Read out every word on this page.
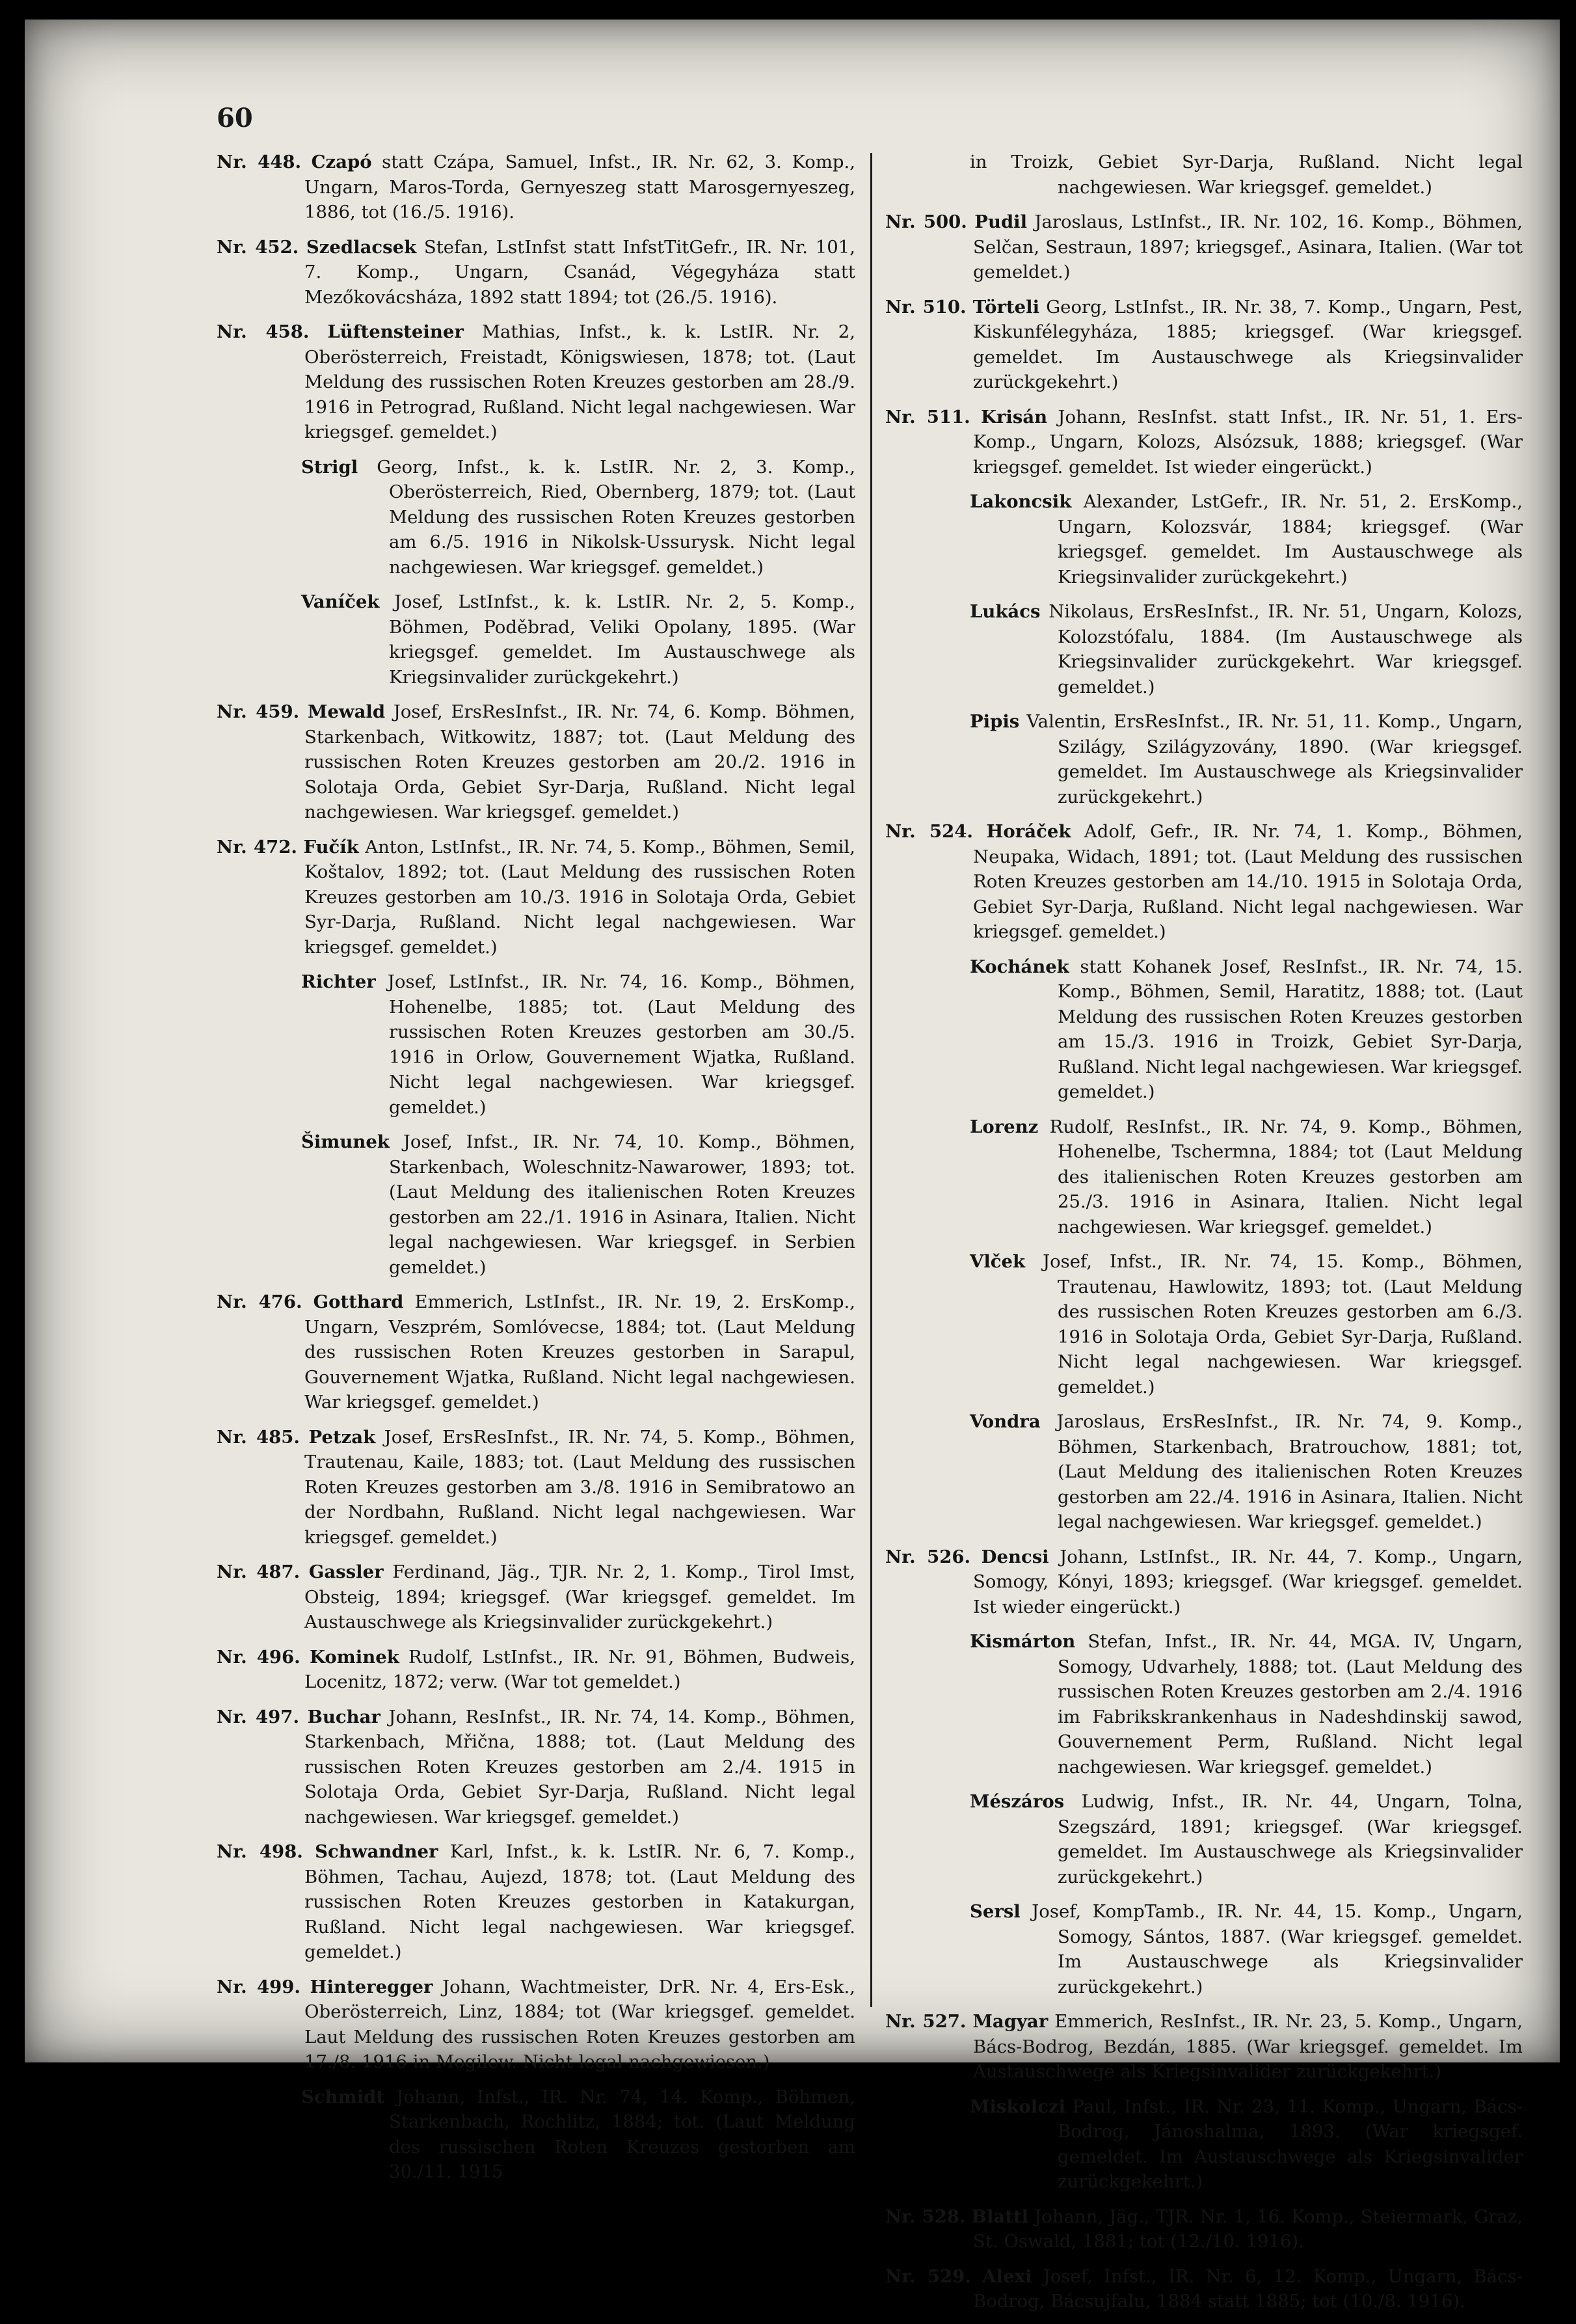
60

Nr. 448. Czapó statt Czápa, Samuel, Infst., IR. Nr. 62, 3. Komp., Ungarn, Maros-Torda, Gernyeszeg statt Marosgernyeszeg, 1886, tot (16./5. 1916).

Nr. 452. Szedlacsek Stefan, LstInfst statt InfstTitGefr., IR. Nr. 101, 7. Komp., Ungarn, Csanád, Végegyháza statt Mezőkovácsháza, 1892 statt 1894; tot (26./5. 1916).

Nr. 458. Lüftensteiner Mathias, Infst., k. k. LstIR. Nr. 2, Oberösterreich, Freistadt, Königswiesen, 1878; tot. (Laut Meldung des russischen Roten Kreuzes gestorben am 28./9. 1916 in Petrograd, Rußland. Nicht legal nachgewiesen. War kriegsgef. gemeldet.)

Strigl Georg, Infst., k. k. LstIR. Nr. 2, 3. Komp., Oberösterreich, Ried, Obernberg, 1879; tot. (Laut Meldung des russischen Roten Kreuzes gestorben am 6./5. 1916 in Nikolsk-Ussurysk. Nicht legal nachgewiesen. War kriegsgef. gemeldet.)

Vaníček Josef, LstInfst., k. k. LstIR. Nr. 2, 5. Komp., Böhmen, Poděbrad, Veliki Opolany, 1895. (War kriegsgef. gemeldet. Im Austauschwege als Kriegsinvalider zurückgekehrt.)

Nr. 459. Mewald Josef, ErsResInfst., IR. Nr. 74, 6. Komp. Böhmen, Starkenbach, Witkowitz, 1887; tot. (Laut Meldung des russischen Roten Kreuzes gestorben am 20./2. 1916 in Solotaja Orda, Gebiet Syr-Darja, Rußland. Nicht legal nachgewiesen. War kriegsgef. gemeldet.)

Nr. 472. Fučík Anton, LstInfst., IR. Nr. 74, 5. Komp., Böhmen, Semil, Koštalov, 1892; tot. (Laut Meldung des russischen Roten Kreuzes gestorben am 10./3. 1916 in Solotaja Orda, Gebiet Syr-Darja, Rußland. Nicht legal nachgewiesen. War kriegsgef. gemeldet.)

Richter Josef, LstInfst., IR. Nr. 74, 16. Komp., Böhmen, Hohenelbe, 1885; tot. (Laut Meldung des russischen Roten Kreuzes gestorben am 30./5. 1916 in Orlow, Gouvernement Wjatka, Rußland. Nicht legal nachgewiesen. War kriegsgef. gemeldet.)

Šimunek Josef, Infst., IR. Nr. 74, 10. Komp., Böhmen, Starkenbach, Woleschnitz-Nawarower, 1893; tot. (Laut Meldung des italienischen Roten Kreuzes gestorben am 22./1. 1916 in Asinara, Italien. Nicht legal nachgewiesen. War kriegsgef. in Serbien gemeldet.)

Nr. 476. Gotthard Emmerich, LstInfst., IR. Nr. 19, 2. ErsKomp., Ungarn, Veszprém, Somlóvecse, 1884; tot. (Laut Meldung des russischen Roten Kreuzes gestorben in Sarapul, Gouvernement Wjatka, Rußland. Nicht legal nachgewiesen. War kriegsgef. gemeldet.)

Nr. 485. Petzak Josef, ErsResInfst., IR. Nr. 74, 5. Komp., Böhmen, Trautenau, Kaile, 1883; tot. (Laut Meldung des russischen Roten Kreuzes gestorben am 3./8. 1916 in Semibratowo an der Nordbahn, Rußland. Nicht legal nachgewiesen. War kriegsgef. gemeldet.)

Nr. 487. Gassler Ferdinand, Jäg., TJR. Nr. 2, 1. Komp., Tirol Imst, Obsteig, 1894; kriegsgef. (War kriegsgef. gemeldet. Im Austauschwege als Kriegsinvalider zurückgekehrt.)

Nr. 496. Kominek Rudolf, LstInfst., IR. Nr. 91, Böhmen, Budweis, Locenitz, 1872; verw. (War tot gemeldet.)

Nr. 497. Buchar Johann, ResInfst., IR. Nr. 74, 14. Komp., Böhmen, Starkenbach, Mřična, 1888; tot. (Laut Meldung des russischen Roten Kreuzes gestorben am 2./4. 1915 in Solotaja Orda, Gebiet Syr-Darja, Rußland. Nicht legal nachgewiesen. War kriegsgef. gemeldet.)

Nr. 498. Schwandner Karl, Infst., k. k. LstIR. Nr. 6, 7. Komp., Böhmen, Tachau, Aujezd, 1878; tot. (Laut Meldung des russischen Roten Kreuzes gestorben in Katakurgan, Rußland. Nicht legal nachgewiesen. War kriegsgef. gemeldet.)

Nr. 499. Hinteregger Johann, Wachtmeister, DrR. Nr. 4, Ers-Esk., Oberösterreich, Linz, 1884; tot (War kriegsgef. gemeldet. Laut Meldung des russischen Roten Kreuzes gestorben am 17./8. 1916 in Mogilew. Nicht legal nachgewiesen.)

Schmidt Johann, Infst., IR. Nr. 74, 14. Komp., Böhmen, Starkenbach, Rochlitz, 1884; tot. (Laut Meldung des russischen Roten Kreuzes gestorben am 30./11. 1915

in Troizk, Gebiet Syr-Darja, Rußland. Nicht legal nachgewiesen. War kriegsgef. gemeldet.)

Nr. 500. Pudil Jaroslaus, LstInfst., IR. Nr. 102, 16. Komp., Böhmen, Selčan, Sestraun, 1897; kriegsgef., Asinara, Italien. (War tot gemeldet.)

Nr. 510. Törteli Georg, LstInfst., IR. Nr. 38, 7. Komp., Ungarn, Pest, Kiskunfélegyháza, 1885; kriegsgef. (War kriegsgef. gemeldet. Im Austauschwege als Kriegsinvalider zurückgekehrt.)

Nr. 511. Krisán Johann, ResInfst. statt Infst., IR. Nr. 51, 1. Ers-Komp., Ungarn, Kolozs, Alsózsuk, 1888; kriegsgef. (War kriegsgef. gemeldet. Ist wieder eingerückt.)

Lakoncsik Alexander, LstGefr., IR. Nr. 51, 2. ErsKomp., Ungarn, Kolozsvár, 1884; kriegsgef. (War kriegsgef. gemeldet. Im Austauschwege als Kriegsinvalider zurückgekehrt.)

Lukács Nikolaus, ErsResInfst., IR. Nr. 51, Ungarn, Kolozs, Kolozstófalu, 1884. (Im Austauschwege als Kriegsinvalider zurückgekehrt. War kriegsgef. gemeldet.)

Pipis Valentin, ErsResInfst., IR. Nr. 51, 11. Komp., Ungarn, Szilágy, Szilágyzovány, 1890. (War kriegsgef. gemeldet. Im Austauschwege als Kriegsinvalider zurückgekehrt.)

Nr. 524. Horáček Adolf, Gefr., IR. Nr. 74, 1. Komp., Böhmen, Neupaka, Widach, 1891; tot. (Laut Meldung des russischen Roten Kreuzes gestorben am 14./10. 1915 in Solotaja Orda, Gebiet Syr-Darja, Rußland. Nicht legal nachgewiesen. War kriegsgef. gemeldet.)

Kochánek statt Kohanek Josef, ResInfst., IR. Nr. 74, 15. Komp., Böhmen, Semil, Haratitz, 1888; tot. (Laut Meldung des russischen Roten Kreuzes gestorben am 15./3. 1916 in Troizk, Gebiet Syr-Darja, Rußland. Nicht legal nachgewiesen. War kriegsgef. gemeldet.)

Lorenz Rudolf, ResInfst., IR. Nr. 74, 9. Komp., Böhmen, Hohenelbe, Tschermna, 1884; tot (Laut Meldung des italienischen Roten Kreuzes gestorben am 25./3. 1916 in Asinara, Italien. Nicht legal nachgewiesen. War kriegsgef. gemeldet.)

Vlček Josef, Infst., IR. Nr. 74, 15. Komp., Böhmen, Trautenau, Hawlowitz, 1893; tot. (Laut Meldung des russischen Roten Kreuzes gestorben am 6./3. 1916 in Solotaja Orda, Gebiet Syr-Darja, Rußland. Nicht legal nachgewiesen. War kriegsgef. gemeldet.)

Vondra Jaroslaus, ErsResInfst., IR. Nr. 74, 9. Komp., Böhmen, Starkenbach, Bratrouchow, 1881; tot, (Laut Meldung des italienischen Roten Kreuzes gestorben am 22./4. 1916 in Asinara, Italien. Nicht legal nachgewiesen. War kriegsgef. gemeldet.)

Nr. 526. Dencsi Johann, LstInfst., IR. Nr. 44, 7. Komp., Ungarn, Somogy, Kónyi, 1893; kriegsgef. (War kriegsgef. gemeldet. Ist wieder eingerückt.)

Kismárton Stefan, Infst., IR. Nr. 44, MGA. IV, Ungarn, Somogy, Udvarhely, 1888; tot. (Laut Meldung des russischen Roten Kreuzes gestorben am 2./4. 1916 im Fabrikskrankenhaus in Nadeshdinskij sawod, Gouvernement Perm, Rußland. Nicht legal nachgewiesen. War kriegsgef. gemeldet.)

Mészáros Ludwig, Infst., IR. Nr. 44, Ungarn, Tolna, Szegszárd, 1891; kriegsgef. (War kriegsgef. gemeldet. Im Austauschwege als Kriegsinvalider zurückgekehrt.)

Sersl Josef, KompTamb., IR. Nr. 44, 15. Komp., Ungarn, Somogy, Sántos, 1887. (War kriegsgef. gemeldet. Im Austauschwege als Kriegsinvalider zurückgekehrt.)

Nr. 527. Magyar Emmerich, ResInfst., IR. Nr. 23, 5. Komp., Ungarn, Bács-Bodrog, Bezdán, 1885. (War kriegsgef. gemeldet. Im Austauschwege als Kriegsinvalider zurückgekehrt.)

Miskolczi Paul, Infst., IR. Nr. 23, 11. Komp., Ungarn, Bács-Bodrog, Jánoshalma, 1893. (War kriegsgef. gemeldet. Im Austauschwege als Kriegsinvalider zurückgekehrt.)

Nr. 528. Blattl Johann, Jäg., TJR. Nr. 1, 16. Komp., Steiermark, Graz, St. Oswald, 1881; tot (12./10. 1916).

Nr. 529. Alexi Josef, Infst., IR. Nr. 6, 12. Komp., Ungarn, Bács-Bodrog, Bácsujfalu, 1884 statt 1885; tot (10./8. 1916).
